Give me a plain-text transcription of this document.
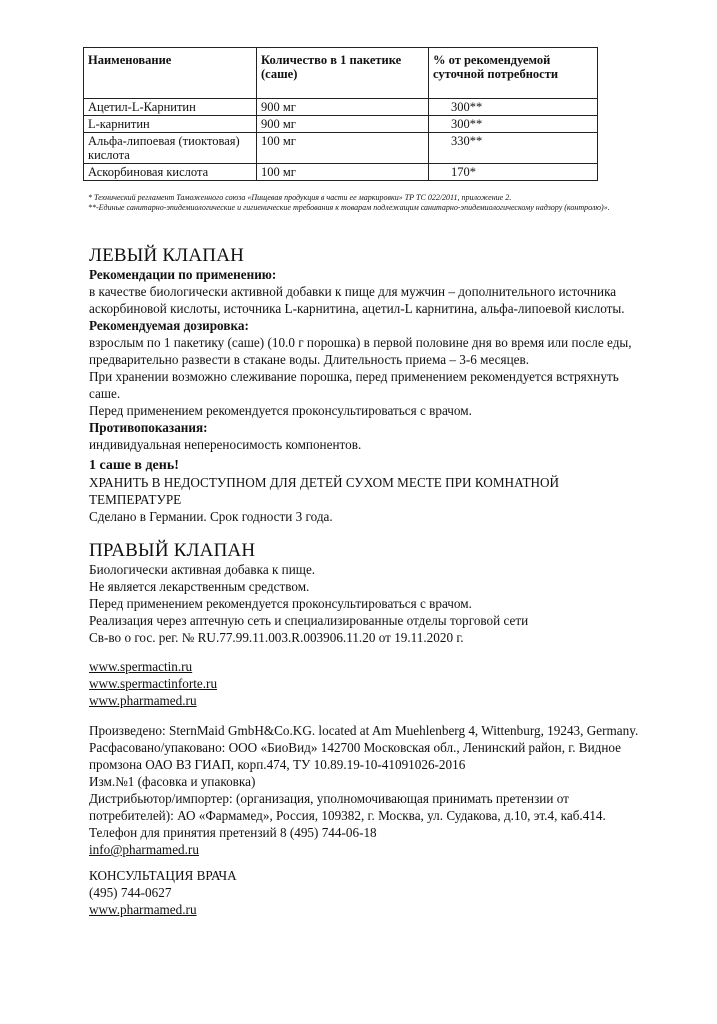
Наименование	Количество в 1 пакетике (саше)	% от рекомендуемой суточной потребности
Ацетил-L-Карнитин	900 мг	300**
L-карнитин	900 мг	300**
Альфа-липоевая (тиоктовая) кислота	100 мг	330**
Аскорбиновая кислота	100 мг	170*
* Технический регламент Таможенного союза «Пищевая продукция в части ее маркировки» ТР ТС 022/2011, приложение 2.
**-Единые санитарно-эпидемиологические и гигиенические требования к товарам подлежащим санитарно-эпидемиологическому надзору (контролю)».
ЛЕВЫЙ КЛАПАН
Рекомендации по применению:
в качестве биологически активной добавки к пище для мужчин – дополнительного источника
аскорбиновой кислоты, источника L-карнитина, ацетил-L карнитина, альфа-липоевой кислоты.
Рекомендуемая дозировка:
взрослым по 1 пакетику (саше) (10.0 г порошка) в первой половине дня во время или после еды,
предварительно развести в стакане воды. Длительность приема – 3-6 месяцев.
При хранении возможно слеживание порошка, перед применением рекомендуется встряхнуть
саше.
Перед применением рекомендуется проконсультироваться с врачом.
Противопоказания:
индивидуальная непереносимость компонентов.
1 саше в день!
ХРАНИТЬ В НЕДОСТУПНОМ ДЛЯ ДЕТЕЙ СУХОМ МЕСТЕ ПРИ КОМНАТНОЙ
ТЕМПЕРАТУРЕ
Сделано в Германии. Срок годности 3 года.
ПРАВЫЙ КЛАПАН
Биологически активная добавка к пище.
Не является лекарственным средством.
Перед применением рекомендуется проконсультироваться с врачом.
Реализация через аптечную сеть и специализированные отделы торговой сети
Св-во о гос. рег. № RU.77.99.11.003.R.003906.11.20 от 19.11.2020 г.
www.spermactin.ru
www.spermactinforte.ru
www.pharmamed.ru
Произведено: SternMaid GmbH&Co.KG. located at Am Muehlenberg 4, Wittenburg, 19243, Germany.
Расфасовано/упаковано: ООО «БиоВид» 142700 Московская обл., Ленинский район, г. Видное
промзона ОАО ВЗ ГИАП, корп.474, ТУ 10.89.19-10-41091026-2016
Изм.№1 (фасовка и упаковка)
Дистрибьютор/импортер: (организация, уполномочивающая принимать претензии от
потребителей): АО «Фармамед», Россия, 109382, г. Москва, ул. Судакова, д.10, эт.4, каб.414.
Телефон для принятия претензий 8 (495) 744-06-18
info@pharmamed.ru
КОНСУЛЬТАЦИЯ ВРАЧА
(495) 744-0627
www.pharmamed.ru
